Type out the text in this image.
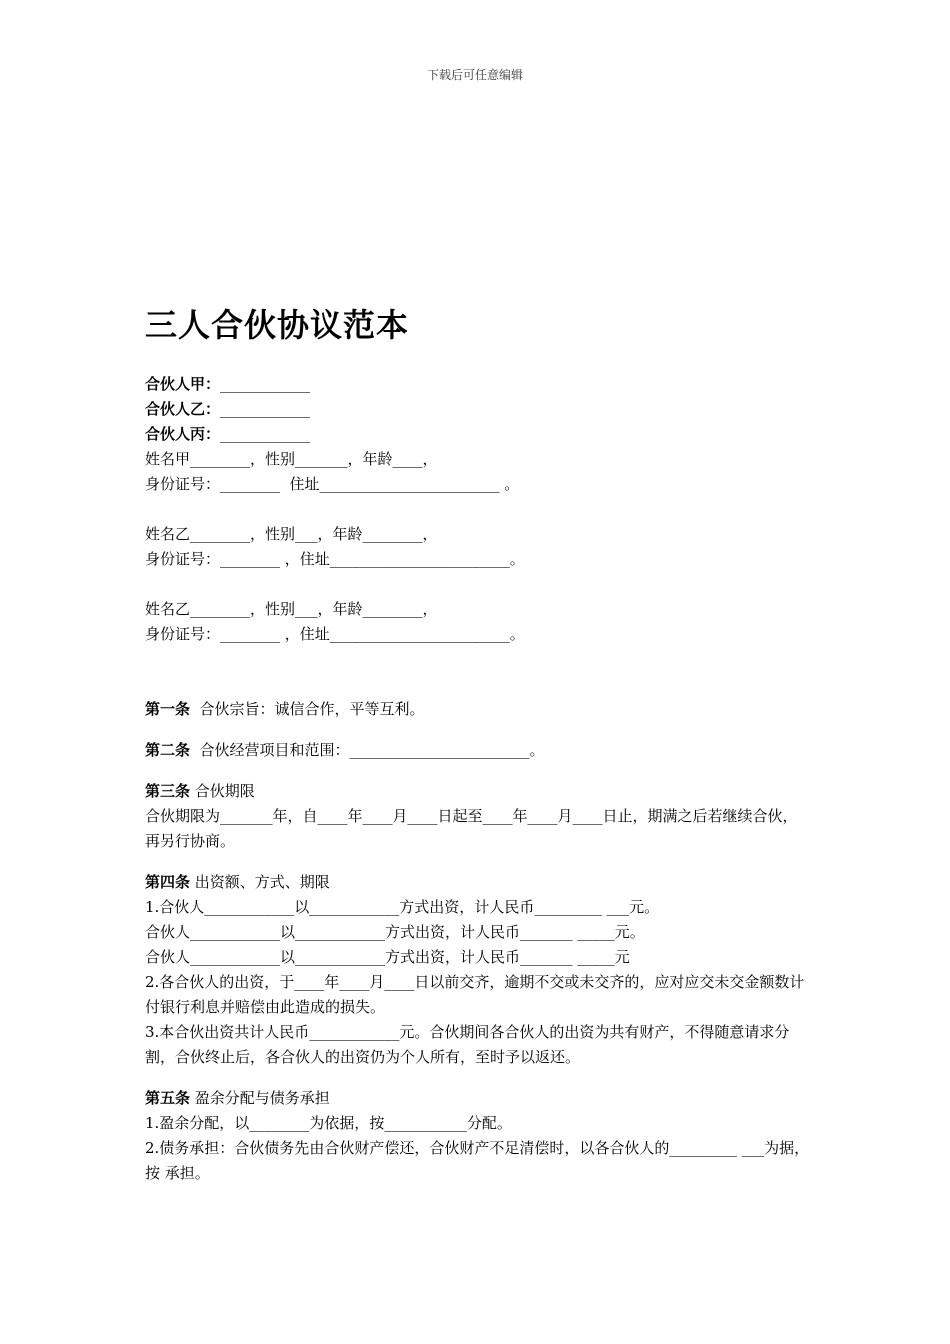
下载后可任意编辑
三人合伙协议范本
合伙人甲：____________
合伙人乙：____________
合伙人丙：____________
姓名甲________，性别_______，年龄____，
身份证号：________  住址________________________ 。
姓名乙________，性别___，年龄________，
身份证号：________ ，住址________________________。
姓名乙________，性别___，年龄________，
身份证号：________ ，住址________________________。
第一条  合伙宗旨：诚信合作，平等互利。
第二条  合伙经营项目和范围：________________________。
第三条 合伙期限
合伙期限为_______年，自____年____月____日起至____年____月____日止，期满之后若继续合伙，再另行协商。
第四条 出资额、方式、期限
1.合伙人____________以____________方式出资，计人民币_________ ___元。
合伙人____________以____________方式出资，计人民币_______ _____元。
合伙人____________以____________方式出资，计人民币_______ _____元
2.各合伙人的出资，于____年____月____日以前交齐，逾期不交或未交齐的，应对应交未交金额数计付银行利息并赔偿由此造成的损失。
3.本合伙出资共计人民币____________元。合伙期间各合伙人的出资为共有财产，不得随意请求分割，合伙终止后，各合伙人的出资仍为个人所有，至时予以返还。
第五条 盈余分配与债务承担
1.盈余分配，以________为依据，按___________分配。
2.债务承担：合伙债务先由合伙财产偿还，合伙财产不足清偿时，以各合伙人的_________ ___为据，按 承担。
